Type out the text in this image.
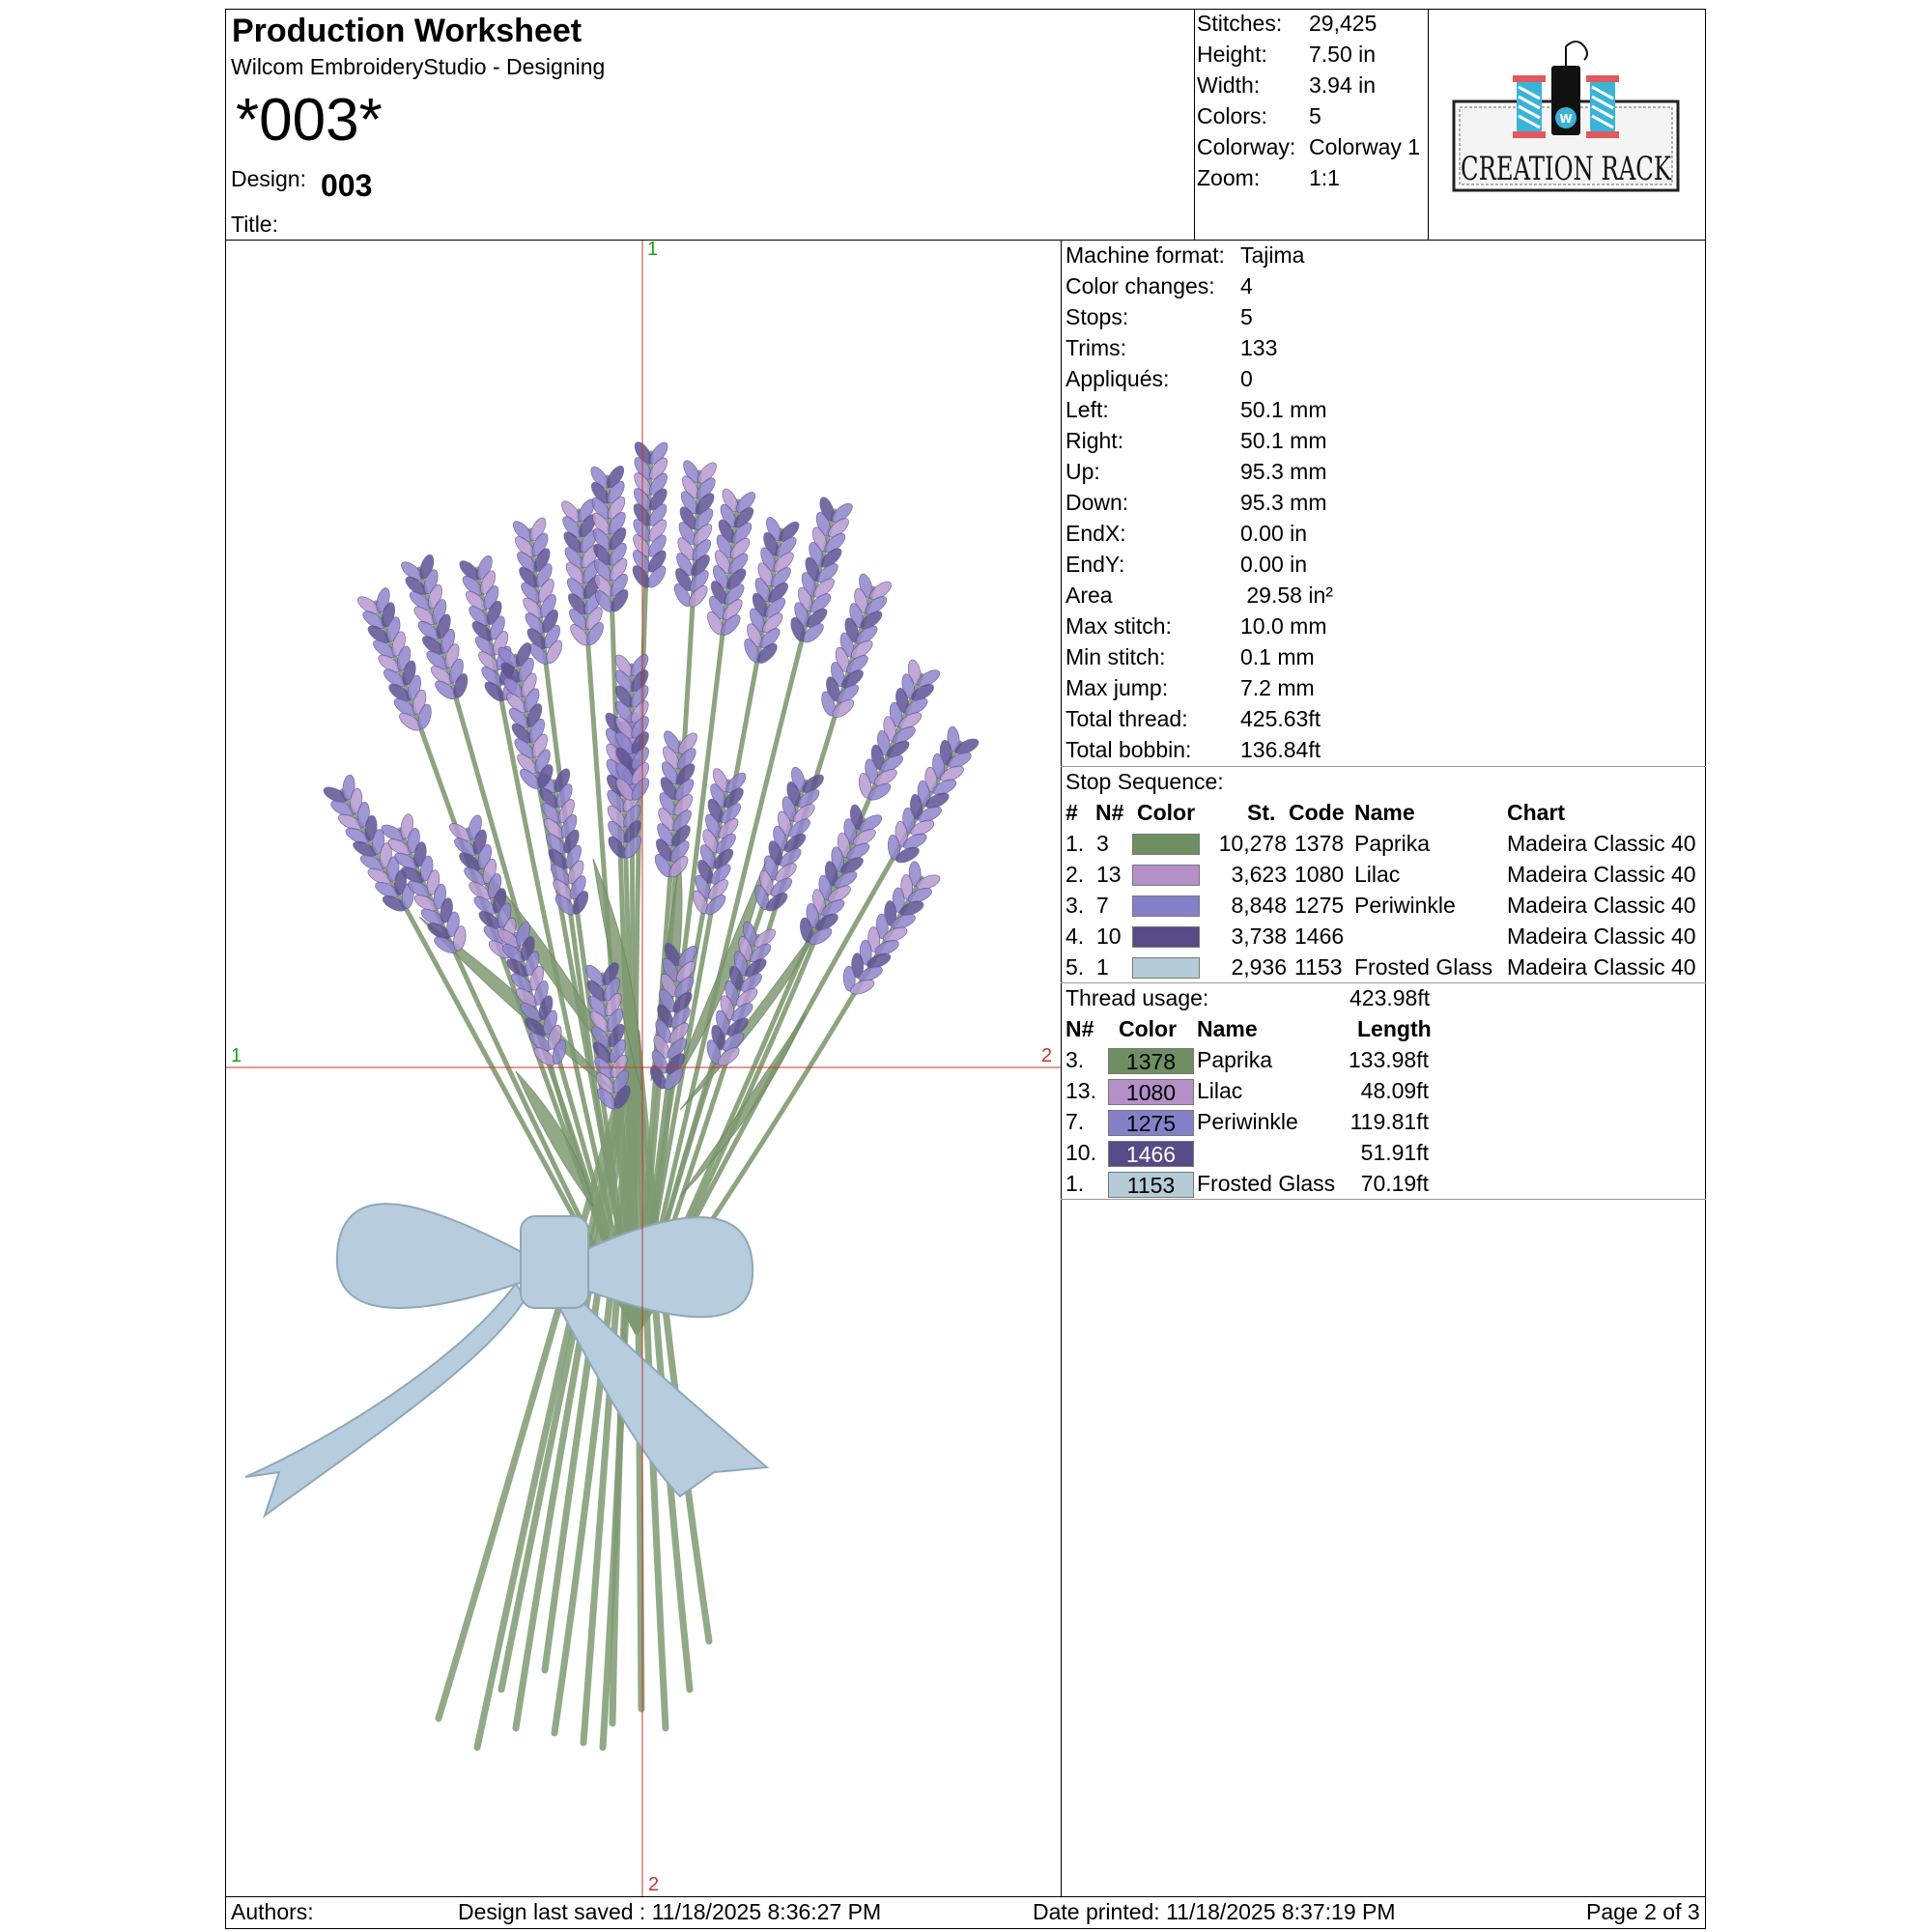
Production Worksheet
Wilcom EmbroideryStudio - Designing
*003*
Design: 003
Title:
Stitches: 29,425
Height: 7.50 in
Width: 3.94 in
Colors: 5
Colorway: Colorway 1
Zoom: 1:1
W
CREATION RACK
1
2
1	2
Machine format: Tajima
Color changes: 4
Stops:	5
Trims:	133
Appliqués:	0
Left:	50.1 mm
Right:	50.1 mm
Up:	95.3 mm
Down:	95.3 mm
EndX:	0.00 in
EndY:	0.00 in
Area	29.58 in²
Max stitch:	10.0 mm
Min stitch:	0.1 mm
Max jump:	7.2 mm
Total thread: 425.63ft
Total bobbin: 136.84ft
Stop Sequence:
# N# Color St. Code Name	Chart
1. 3	10,278 1378 Paprika	Madeira Classic 40
2. 13	3,623 1080 Lilac	Madeira Classic 40
3. 7	8,848 1275 Periwinkle Madeira Classic 40
4. 10	3,738 1466	Madeira Classic 40
5. 1	2,936 1153 Frosted Glass Madeira Classic 40
Thread usage:	423.98ft
N# Color Name	Length
3.	1378 Paprika	133.98ft
13.	1080 Lilac	48.09ft
7.	1275 Periwinkle	119.81ft
10.	1466	51.91ft
1.	1153 Frosted Glass	70.19ft
Authors:	Design last saved : 11/18/2025 8:36:27 PM	Date printed: 11/18/2025 8:37:19 PM	Page 2 of 3
